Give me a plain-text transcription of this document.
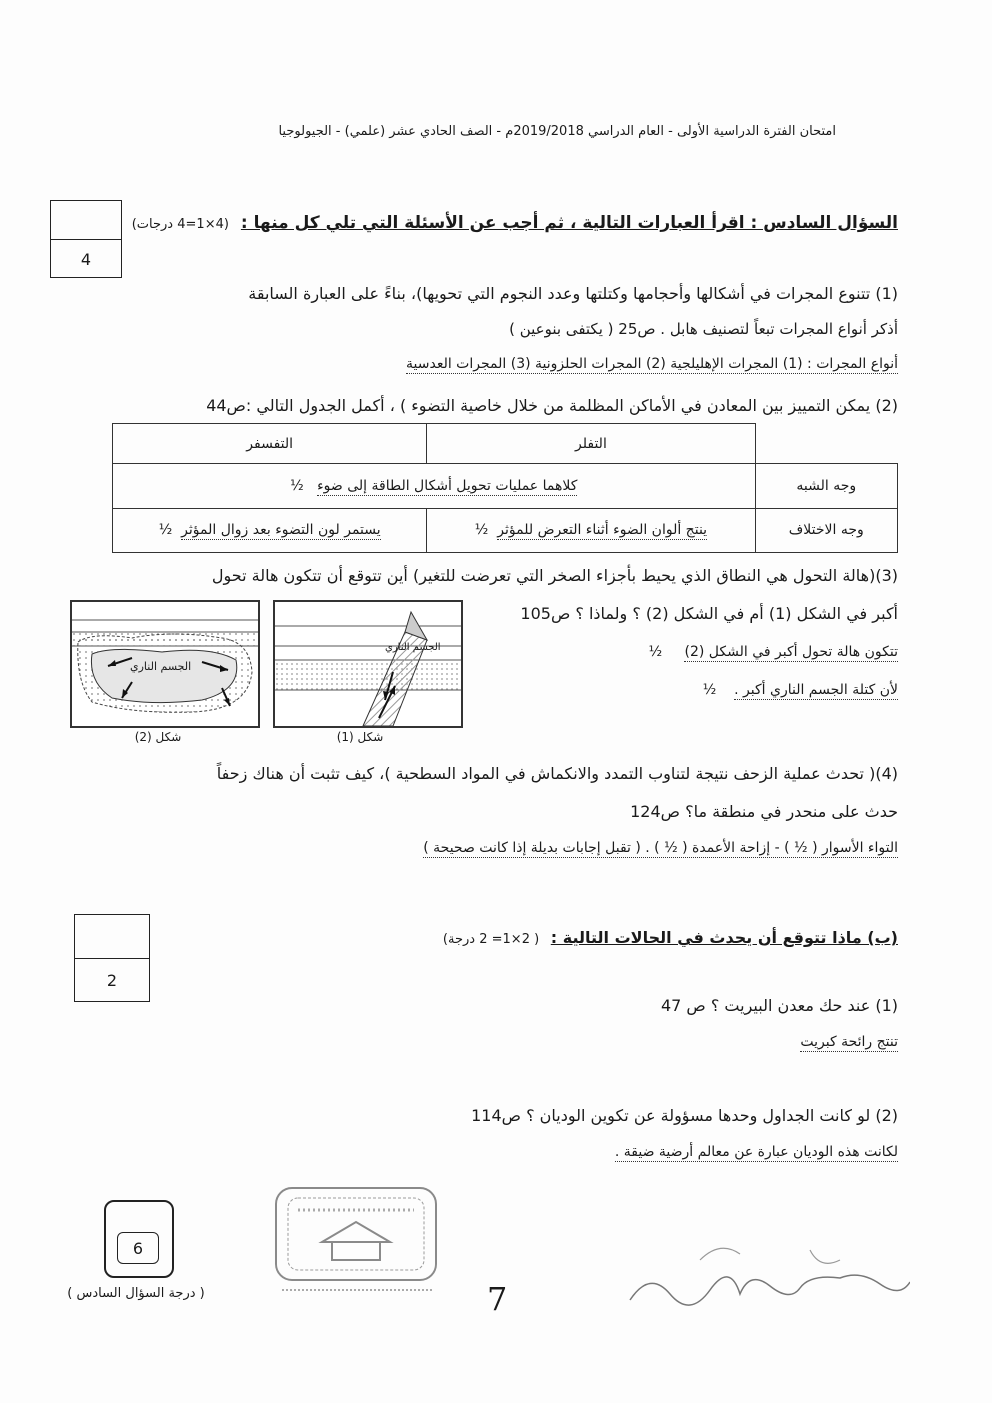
امتحان الفترة الدراسية الأولى - العام الدراسي 2019/2018م - الصف الحادي عشر (علمي) - الجيولوجيا
4
السؤال السادس : اقرأ العبارات التالية ، ثم أجب عن الأسئلة التي تلي كل منها : (4×1=4 درجات)
(1) تتنوع المجرات في أشكالها وأحجامها وكتلتها وعدد النجوم التي تحويها)، بناءً على العبارة السابقة
أذكر أنواع المجرات تبعاً لتصنيف هابل . ص25 ( يكتفى بنوعين )
أنواع المجرات : (1) المجرات الإهليلجية (2) المجرات الحلزونية (3) المجرات العدسية
(2) يمكن التمييز بين المعادن في الأماكن المظلمة من خلال خاصية التضوء ) ، أكمل الجدول التالي :ص44
	التفلر	التفسفر
وجه الشبه	كلاهما عمليات تحويل أشكال الطاقة إلى ضوء   ½	
وجه الاختلاف	ينتج ألوان الضوء أثناء التعرض للمؤثر  ½	يستمر لون التضوء بعد زوال المؤثر  ½
(3)(هالة التحول هي النطاق الذي يحيط بأجزاء الصخر التي تعرضت للتغير) أين تتوقع أن تتكون هالة تحول
أكبر في الشكل (1) أم في الشكل (2) ؟ ولماذا ؟ ص105
تتكون هالة تحول أكبر في الشكل (2)     ½
لأن كتلة الجسم الناري أكبر .    ½
الجسم الناري
شكل (2)
الجسم الناري
شكل (1)
(4)( تحدث عملية الزحف نتيجة لتناوب التمدد والانكماش في المواد السطحية )، كيف تثبت أن هناك زحفاً
حدث على منحدر في منطقة ما؟ ص124
التواء الأسوار ( ½ ) - إزاحة الأعمدة ( ½ ) . ( تقبل إجابات بديلة إذا كانت صحيحة )
2
(ب) ماذا تتوقع أن يحدث في الحالات التالية : ( 2×1= 2 درجة)
(1) عند حك معدن البيريت ؟ ص 47
تنتج رائحة كبريت
(2) لو كانت الجداول وحدها مسؤولة عن تكوين الوديان ؟ ص114
لكانت هذه الوديان عبارة عن معالم أرضية ضيقة .
6
( درجة السؤال السادس )	7
